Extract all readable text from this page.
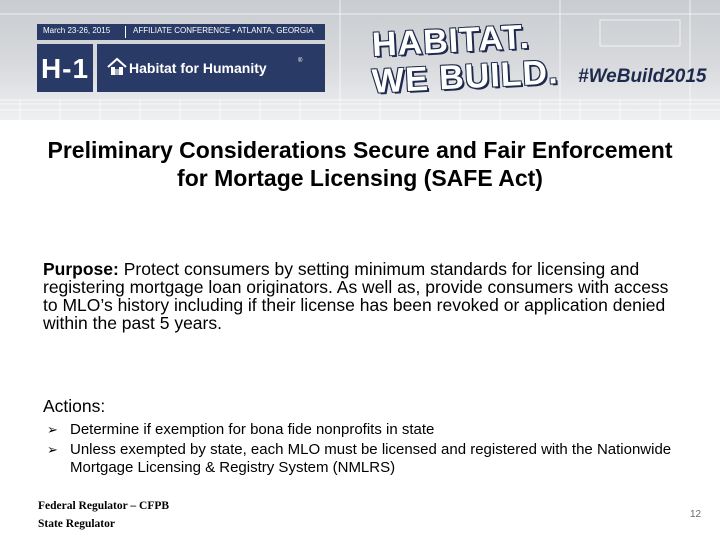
March 23-26, 2015	AFFILIATE CONFERENCE • ATLANTA, GEORGIA
H-1	Habitat for Humanity	® HABITAT.
WE BUILD. #WeBuild2015
Preliminary Considerations Secure and Fair Enforcement for Mortage Licensing (SAFE Act)
Purpose: Protect consumers by setting minimum standards for licensing and registering mortgage loan originators. As well as, provide consumers with access to MLO’s history including if their license has been revoked or application denied within the past 5 years.
Actions:
➢ Determine if exemption for bona fide nonprofits in state
➢ Unless exempted by state, each MLO must be licensed and registered with the Nationwide Mortgage Licensing & Registry System (NMLRS)
Federal Regulator – CFPB
State Regulator
12
